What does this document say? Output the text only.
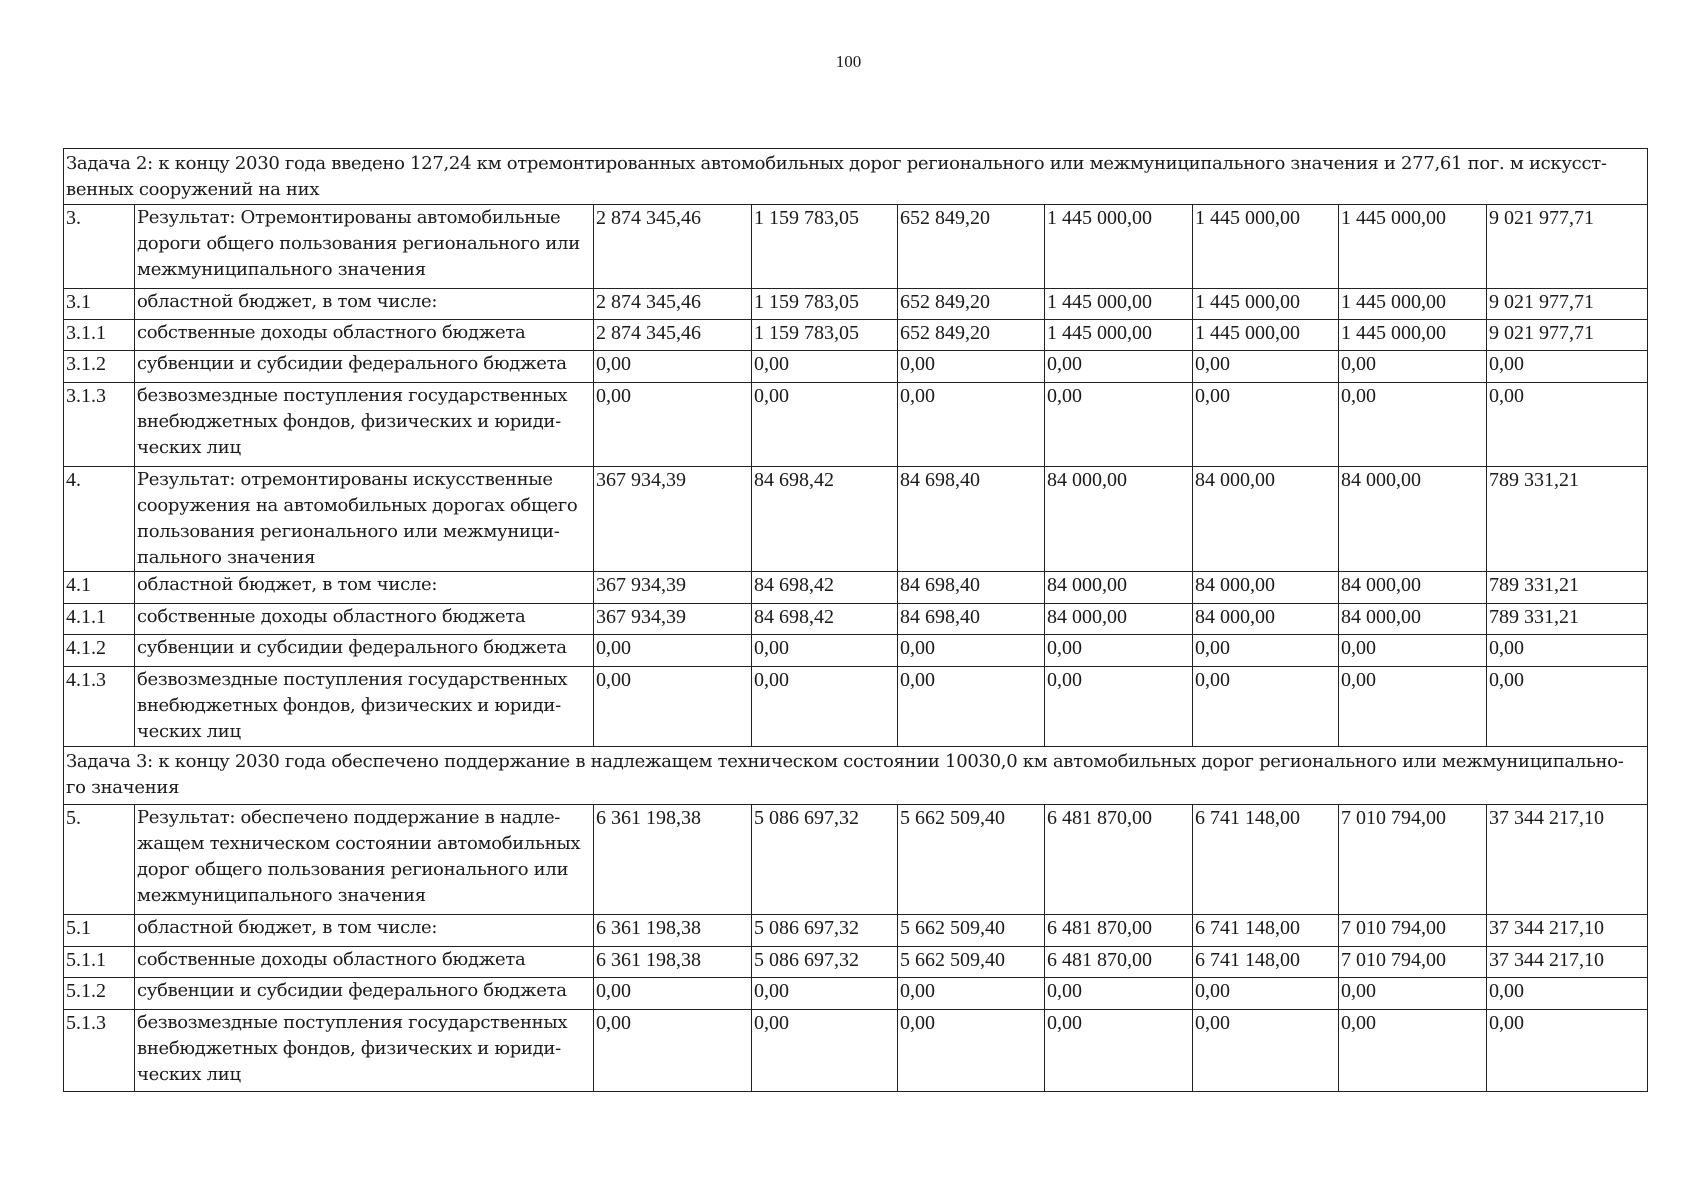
100
Задача 2: к концу 2030 года введено 127,24 км отремонтированных автомобильных дорог регионального или межмуниципального значения и 277,61 пог. м искусст-венных сооружений на них								
3.	Результат: Отремонтированы автомобильные дороги общего пользования регионального или межмуниципального значения	2 874 345,46	1 159 783,05	652 849,20	1 445 000,00	1 445 000,00	1 445 000,00	9 021 977,71
3.1	областной бюджет, в том числе:	2 874 345,46	1 159 783,05	652 849,20	1 445 000,00	1 445 000,00	1 445 000,00	9 021 977,71
3.1.1	собственные доходы областного бюджета	2 874 345,46	1 159 783,05	652 849,20	1 445 000,00	1 445 000,00	1 445 000,00	9 021 977,71
3.1.2	субвенции и субсидии федерального бюджета	0,00	0,00	0,00	0,00	0,00	0,00	0,00
3.1.3	безвозмездные поступления государственных внебюджетных фондов, физических и юриди-ческих лиц	0,00	0,00	0,00	0,00	0,00	0,00	0,00
4.	Результат: отремонтированы искусственные сооружения на автомобильных дорогах общего пользования регионального или межмуници-пального значения	367 934,39	84 698,42	84 698,40	84 000,00	84 000,00	84 000,00	789 331,21
4.1	областной бюджет, в том числе:	367 934,39	84 698,42	84 698,40	84 000,00	84 000,00	84 000,00	789 331,21
4.1.1	собственные доходы областного бюджета	367 934,39	84 698,42	84 698,40	84 000,00	84 000,00	84 000,00	789 331,21
4.1.2	субвенции и субсидии федерального бюджета	0,00	0,00	0,00	0,00	0,00	0,00	0,00
4.1.3	безвозмездные поступления государственных внебюджетных фондов, физических и юриди-ческих лиц	0,00	0,00	0,00	0,00	0,00	0,00	0,00
Задача 3: к концу 2030 года обеспечено поддержание в надлежащем техническом состоянии 10030,0 км автомобильных дорог регионального или межмуниципально-го значения								
5.	Результат: обеспечено поддержание в надле-жащем техническом состоянии автомобильных дорог общего пользования регионального или межмуниципального значения	6 361 198,38	5 086 697,32	5 662 509,40	6 481 870,00	6 741 148,00	7 010 794,00	37 344 217,10
5.1	областной бюджет, в том числе:	6 361 198,38	5 086 697,32	5 662 509,40	6 481 870,00	6 741 148,00	7 010 794,00	37 344 217,10
5.1.1	собственные доходы областного бюджета	6 361 198,38	5 086 697,32	5 662 509,40	6 481 870,00	6 741 148,00	7 010 794,00	37 344 217,10
5.1.2	субвенции и субсидии федерального бюджета	0,00	0,00	0,00	0,00	0,00	0,00	0,00
5.1.3	безвозмездные поступления государственных внебюджетных фондов, физических и юриди-ческих лиц	0,00	0,00	0,00	0,00	0,00	0,00	0,00
